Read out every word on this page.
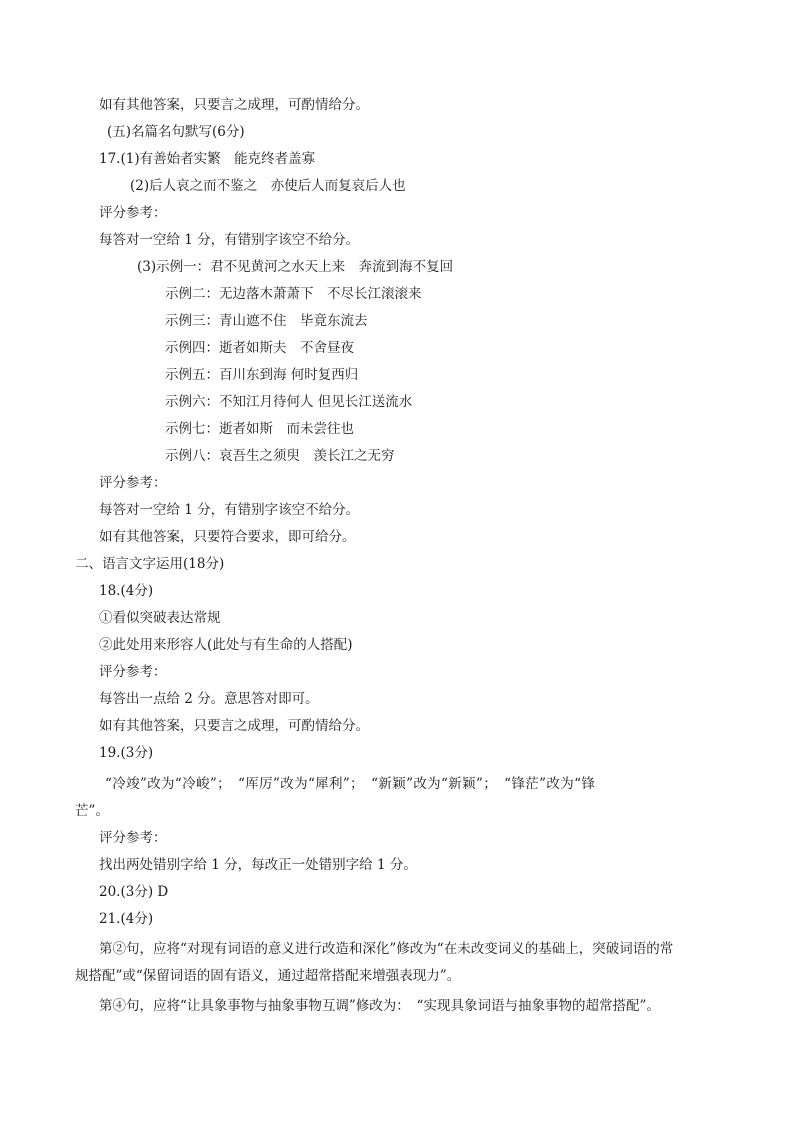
如有其他答案，只要言之成理，可酌情给分。
(五)名篇名句默写(6分)
17.(1)有善始者实繁　能克终者盖寡
(2)后人哀之而不鉴之　亦使后人而复哀后人也
评分参考：
每答对一空给 1 分，有错别字该空不给分。
(3)示例一：君不见黄河之水天上来　奔流到海不复回
示例二：无边落木萧萧下　不尽长江滚滚来
示例三：青山遮不住　毕竟东流去
示例四：逝者如斯夫　不舍昼夜
示例五：百川东到海 何时复西归
示例六：不知江月待何人 但见长江送流水
示例七：逝者如斯　而未尝往也
示例八：哀吾生之须臾　羡长江之无穷
评分参考：
每答对一空给 1 分，有错别字该空不给分。
如有其他答案，只要符合要求，即可给分。
二、语言文字运用(18分)
18.(4分)
①看似突破表达常规
②此处用来形容人(此处与有生命的人搭配)
评分参考：
每答出一点给 2 分。意思答对即可。
如有其他答案，只要言之成理，可酌情给分。
19.(3分)
“冷竣”改为“冷峻”；　“厍厉”改为“犀利”；　“新颖”改为“新颖”；　“锋茫”改为“锋
芒”。
评分参考：
找出两处错别字给 1 分，每改正一处错别字给 1 分。
20.(3分) D
21.(4分)
第②句，应将“对现有词语的意义进行改造和深化”修改为“在未改变词义的基础上，突破词语的常
规搭配”或“保留词语的固有语义，通过超常搭配来增强表现力”。
第④句，应将“让具象事物与抽象事物互调”修改为：　“实现具象词语与抽象事物的超常搭配”。
